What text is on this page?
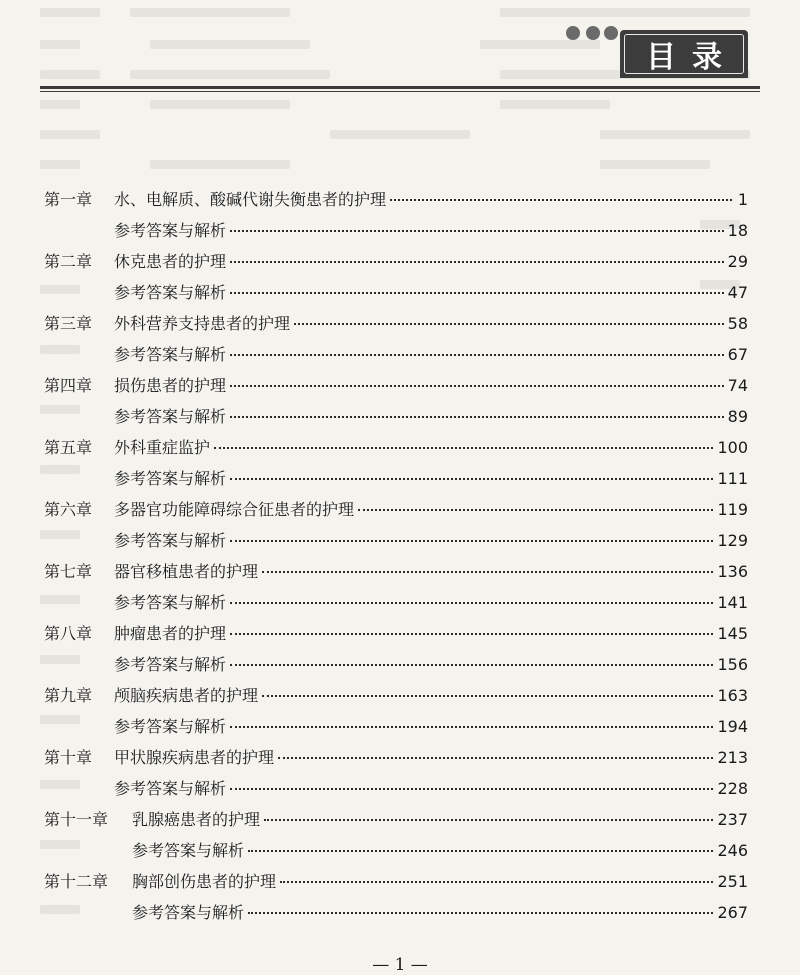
目录
第一章	水、电解质、酸碱代谢失衡患者的护理	1
参考答案与解析	18
第二章	休克患者的护理	29
参考答案与解析	47
第三章	外科营养支持患者的护理	58
参考答案与解析	67
第四章	损伤患者的护理	74
参考答案与解析	89
第五章	外科重症监护	100
参考答案与解析	111
第六章	多器官功能障碍综合征患者的护理	119
参考答案与解析	129
第七章	器官移植患者的护理	136
参考答案与解析	141
第八章	肿瘤患者的护理	145
参考答案与解析	156
第九章	颅脑疾病患者的护理	163
参考答案与解析	194
第十章	甲状腺疾病患者的护理	213
参考答案与解析	228
第十一章	乳腺癌患者的护理	237
参考答案与解析	246
第十二章	胸部创伤患者的护理	251
参考答案与解析	267
— 1 —
